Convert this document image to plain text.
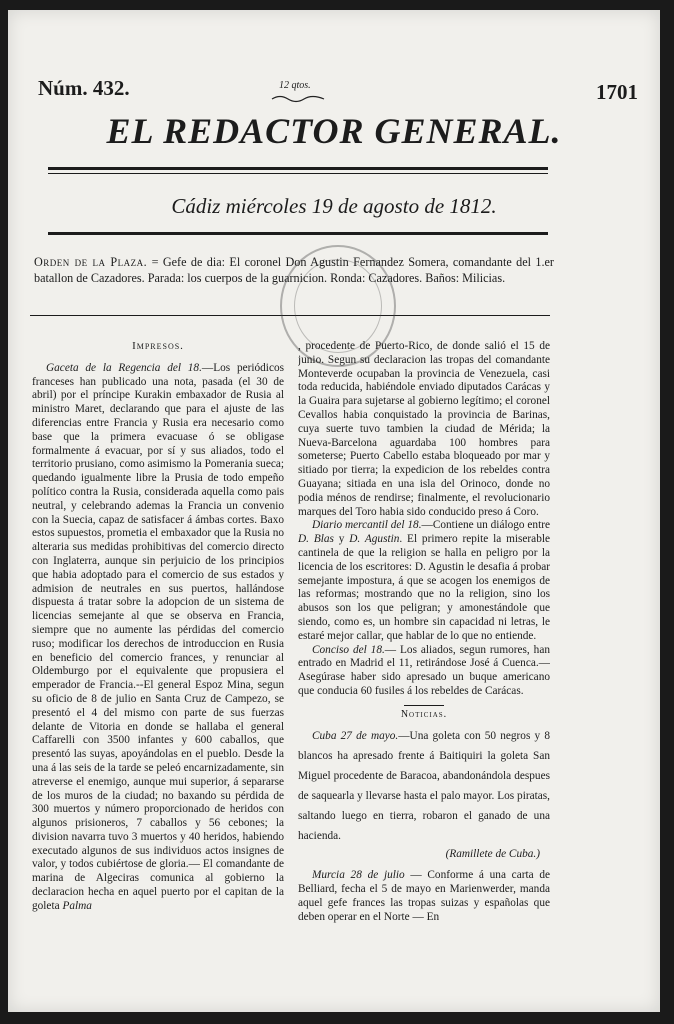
Núm. 432.	12 qtos.	1701
EL REDACTOR GENERAL.
Cádiz miércoles 19 de agosto de 1812.
Orden de la Plaza. = Gefe de dia: El coronel Don Agustin Fernandez Somera, comandante del 1.er batallon de Cazadores. Parada: los cuerpos de la guarnicion. Ronda: Cazadores. Baños: Milicias.
Impresos.

Gaceta de la Regencia del 18.—Los periódicos franceses han publicado una nota, pasada (el 30 de abril) por el príncipe Kurakin embaxador de Rusia al ministro Maret, declarando que para el ajuste de las diferencias entre Francia y Rusia era necesario como base que la primera evacuase ó se obligase formalmente á evacuar, por sí y sus aliados, todo el territorio prusiano, como asimismo la Pomerania sueca; quedando igualmente libre la Prusia de todo empeño político contra la Rusia, considerada aquella como pais neutral, y celebrando ademas la Francia un convenio con la Suecia, capaz de satisfacer á ámbas cortes. Baxo estos supuestos, prometia el embaxador que la Rusia no alteraria sus medidas prohibitivas del comercio directo con Inglaterra, aunque sin perjuicio de los principios que habia adoptado para el comercio de sus estados y admision de neutrales en sus puertos, hallándose dispuesta á tratar sobre la adopcion de un sistema de licencias semejante al que se observa en Francia, siempre que no aumente las pérdidas del comercio ruso; modificar los derechos de introduccion en Rusia en beneficio del comercio frances, y renunciar al Oldemburgo por el equivalente que propusiera el emperador de Francia.--El general Espoz Mina, segun su oficio de 8 de julio en Santa Cruz de Campezo, se presentó el 4 del mismo con parte de sus fuerzas delante de Vitoria en donde se hallaba el general Caffarelli con 3500 infantes y 600 caballos, que presentó las suyas, apoyándolas en el pueblo. Desde la una á las seis de la tarde se peleó encarnizadamente, sin atreverse el enemigo, aunque mui superior, á separarse de los muros de la ciudad; no baxando su pérdida de 300 muertos y número proporcionado de heridos con algunos prisioneros, 7 caballos y 56 cebones; la division navarra tuvo 3 muertos y 40 heridos, habiendo executado algunos de sus individuos actos insignes de valor, y todos cubiértose de gloria.— El comandante de marina de Algeciras comunica al gobierno la declaracion hecha en aquel puerto por el capitan de la goleta Palma

, procedente de Puerto-Rico, de donde salió el 15 de junio. Segun su declaracion las tropas del comandante Monteverde ocupaban la provincia de Venezuela, casi toda reducida, habiéndole enviado diputados Carácas y la Guaira para sujetarse al gobierno legítimo; el coronel Cevallos habia conquistado la provincia de Barinas, cuya suerte tuvo tambien la ciudad de Mérida; la Nueva-Barcelona aguardaba 100 hombres para someterse; Puerto Cabello estaba bloqueado por mar y sitiado por tierra; la expedicion de los rebeldes contra Guayana; sitiada en una isla del Orinoco, donde no podia ménos de rendirse; finalmente, el revolucionario marques del Toro habia sido conducido preso á Coro.

Diario mercantil del 18.—Contiene un diálogo entre D. Blas y D. Agustin. El primero repite la miserable cantinela de que la religion se halla en peligro por la licencia de los escritores: D. Agustin le desafia á probar semejante impostura, á que se acogen los enemigos de las reformas; mostrando que no la religion, sino los abusos son los que peligran; y amonestándole que siendo, como es, un hombre sin capacidad ni letras, le estaré mejor callar, que hablar de lo que no entiende.

Conciso del 18.— Los aliados, segun rumores, han entrado en Madrid el 11, retirándose José á Cuenca.—Asegúrase haber sido apresado un buque americano que conducia 60 fusiles á los rebeldes de Carácas.

Noticias.

Cuba 27 de mayo.—Una goleta con 50 negros y 8 blancos ha apresado frente á Baitiquiri la goleta San Miguel procedente de Baracoa, abandonándola despues de saquearla y llevarse hasta el palo mayor. Los piratas, saltando luego en tierra, robaron el ganado de una hacienda.

(Ramillete de Cuba.)

Murcia 28 de julio — Conforme á una carta de Belliard, fecha el 5 de mayo en Marienwerder, manda aquel gefe frances las tropas suizas y españolas que deben operar en el Norte — En
